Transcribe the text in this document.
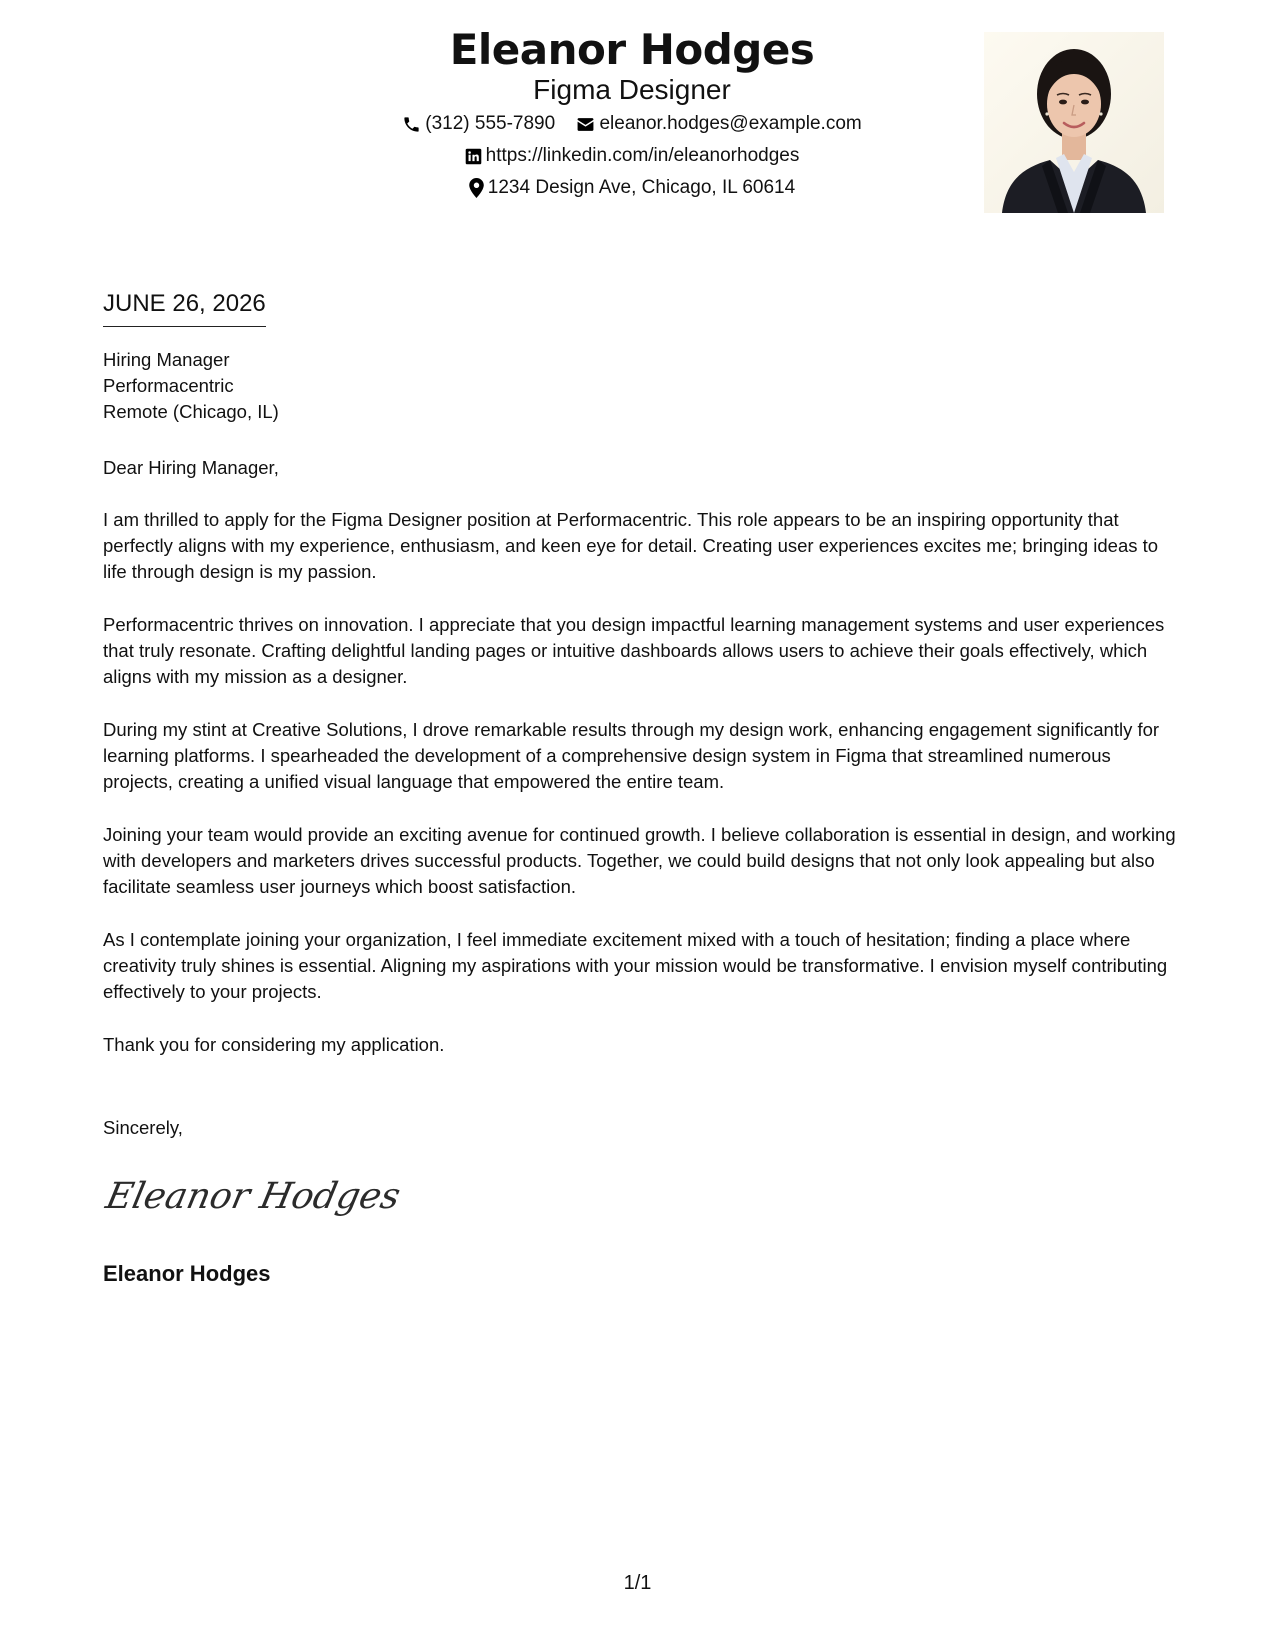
Eleanor Hodges
Figma Designer
(312) 555-7890
eleanor.hodges@example.com
https://linkedin.com/in/eleanorhodges
1234 Design Ave, Chicago, IL 60614
JUNE 26, 2026
Hiring Manager
Performacentric
Remote (Chicago, IL)
Dear Hiring Manager,

I am thrilled to apply for the Figma Designer position at Performacentric. This role appears to be an inspiring opportunity that perfectly aligns with my experience, enthusiasm, and keen eye for detail. Creating user experiences excites me; bringing ideas to life through design is my passion.

Performacentric thrives on innovation. I appreciate that you design impactful learning management systems and user experiences that truly resonate. Crafting delightful landing pages or intuitive dashboards allows users to achieve their goals effectively, which aligns with my mission as a designer.

During my stint at Creative Solutions, I drove remarkable results through my design work, enhancing engagement significantly for learning platforms. I spearheaded the development of a comprehensive design system in Figma that streamlined numerous projects, creating a unified visual language that empowered the entire team.

Joining your team would provide an exciting avenue for continued growth. I believe collaboration is essential in design, and working with developers and marketers drives successful products. Together, we could build designs that not only look appealing but also facilitate seamless user journeys which boost satisfaction.

As I contemplate joining your organization, I feel immediate excitement mixed with a touch of hesitation; finding a place where creativity truly shines is essential. Aligning my aspirations with your mission would be transformative. I envision myself contributing effectively to your projects.

Thank you for considering my application.

Sincerely,
Eleanor Hodges
Eleanor Hodges
1/1
